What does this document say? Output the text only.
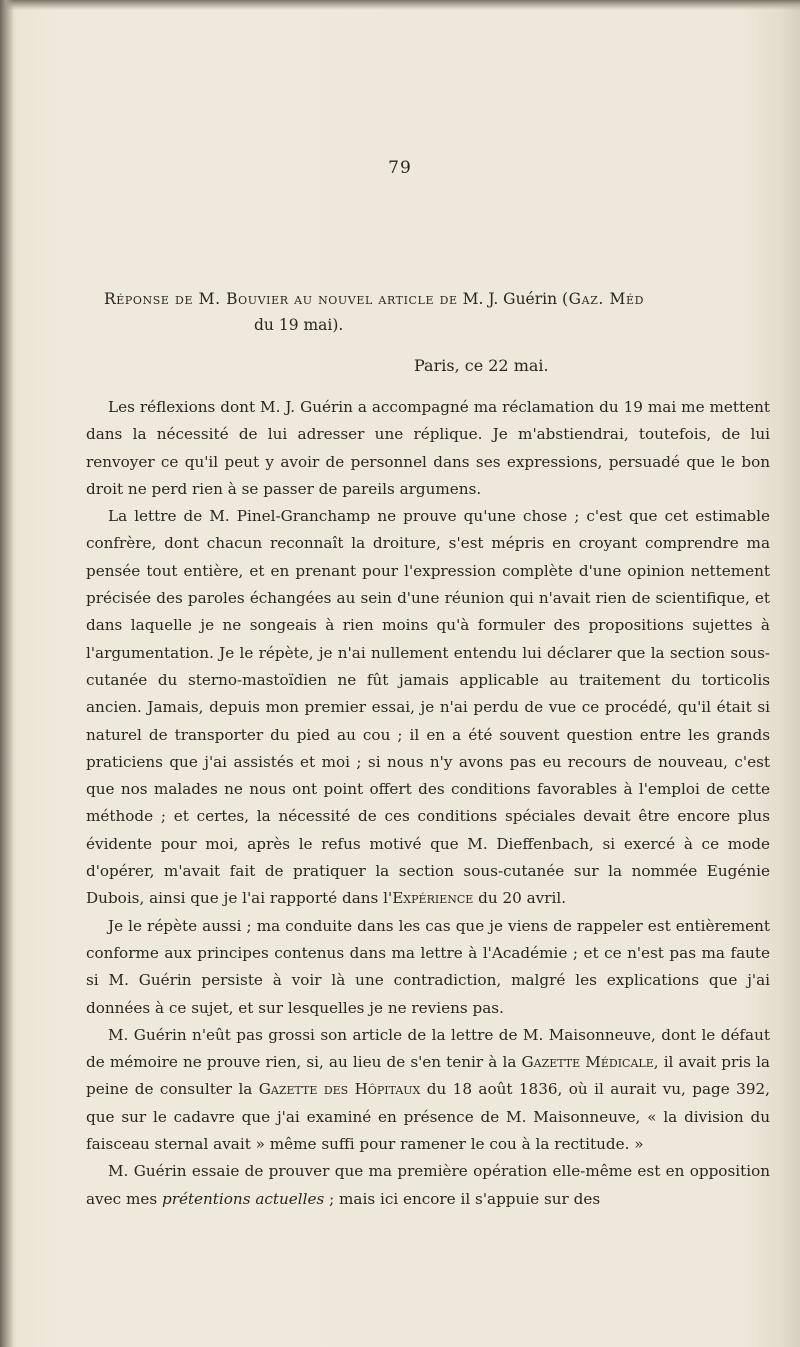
79
Réponse de M. Bouvier au nouvel article de M. J. Guérin (Gaz. Méd
du 19 mai).
Paris, ce 22 mai.

Les réflexions dont M. J. Guérin a accompagné ma réclamation du 19 mai me mettent dans la nécessité de lui adresser une réplique. Je m'abstiendrai, toutefois, de lui renvoyer ce qu'il peut y avoir de personnel dans ses expressions, persuadé que le bon droit ne perd rien à se passer de pareils argumens.

La lettre de M. Pinel-Granchamp ne prouve qu'une chose ; c'est que cet estimable confrère, dont chacun reconnaît la droiture, s'est mépris en croyant comprendre ma pensée tout entière, et en prenant pour l'expression complète d'une opinion nettement précisée des paroles échangées au sein d'une réunion qui n'avait rien de scientifique, et dans laquelle je ne songeais à rien moins qu'à formuler des propositions sujettes à l'argumentation. Je le répète, je n'ai nullement entendu lui déclarer que la section sous-cutanée du sterno-mastoïdien ne fût jamais applicable au traitement du torticolis ancien. Jamais, depuis mon premier essai, je n'ai perdu de vue ce procédé, qu'il était si naturel de transporter du pied au cou ; il en a été souvent question entre les grands praticiens que j'ai assistés et moi ; si nous n'y avons pas eu recours de nouveau, c'est que nos malades ne nous ont point offert des conditions favorables à l'emploi de cette méthode ; et certes, la nécessité de ces conditions spéciales devait être encore plus évidente pour moi, après le refus motivé que M. Dieffenbach, si exercé à ce mode d'opérer, m'avait fait de pratiquer la section sous-cutanée sur la nommée Eugénie Dubois, ainsi que je l'ai rapporté dans l'Expérience du 20 avril.

Je le répète aussi ; ma conduite dans les cas que je viens de rappeler est entièrement conforme aux principes contenus dans ma lettre à l'Académie ; et ce n'est pas ma faute si M. Guérin persiste à voir là une contradiction, malgré les explications que j'ai données à ce sujet, et sur lesquelles je ne reviens pas.

M. Guérin n'eût pas grossi son article de la lettre de M. Maisonneuve, dont le défaut de mémoire ne prouve rien, si, au lieu de s'en tenir à la Gazette Médicale, il avait pris la peine de consulter la Gazette des Hôpitaux du 18 août 1836, où il aurait vu, page 392, que sur le cadavre que j'ai examiné en présence de M. Maisonneuve, « la division du faisceau sternal avait » même suffi pour ramener le cou à la rectitude. »

M. Guérin essaie de prouver que ma première opération elle-même est en opposition avec mes prétentions actuelles ; mais ici encore il s'appuie sur des
